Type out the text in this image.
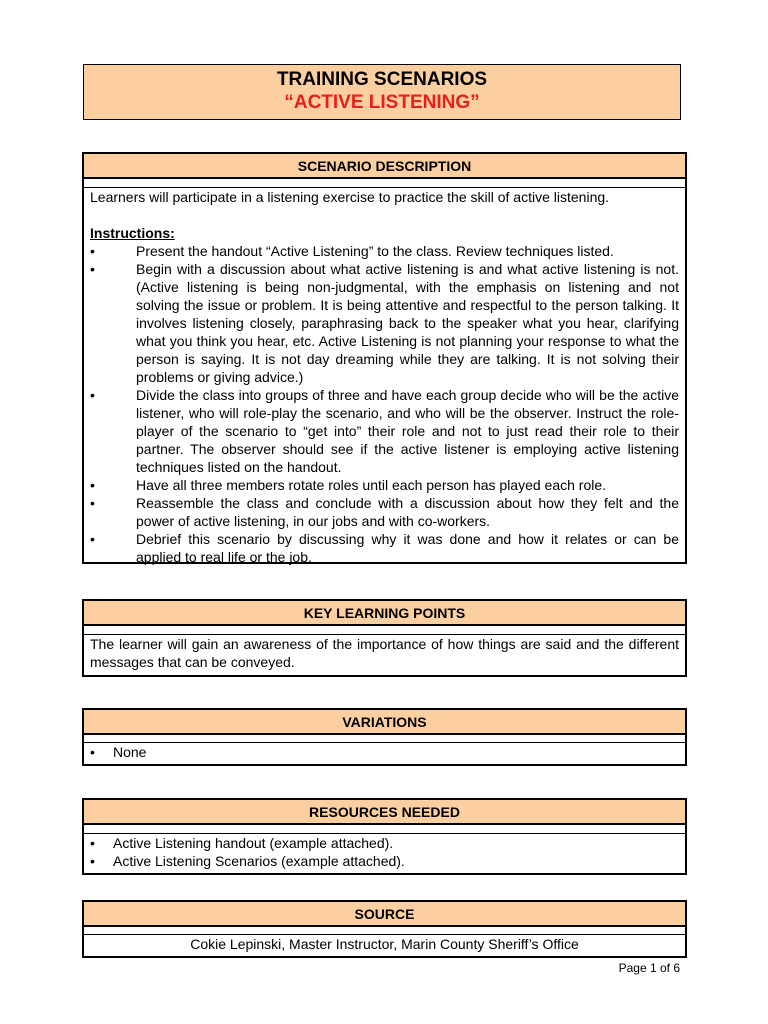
TRAINING SCENARIOS
“ACTIVE LISTENING”
SCENARIO DESCRIPTION
Learners will participate in a listening exercise to practice the skill of active listening.
Instructions:
•	Present the handout “Active Listening” to the class. Review techniques listed.
•	Begin with a discussion about what active listening is and what active listening is not. (Active listening is being non-judgmental, with the emphasis on listening and not solving the issue or problem. It is being attentive and respectful to the person talking. It involves listening closely, paraphrasing back to the speaker what you hear, clarifying what you think you hear, etc. Active Listening is not planning your response to what the person is saying. It is not day dreaming while they are talking. It is not solving their problems or giving advice.)
•	Divide the class into groups of three and have each group decide who will be the active listener, who will role-play the scenario, and who will be the observer. Instruct the role-player of the scenario to “get into” their role and not to just read their role to their partner. The observer should see if the active listener is employing active listening techniques listed on the handout.
•	Have all three members rotate roles until each person has played each role.
•	Reassemble the class and conclude with a discussion about how they felt and the power of active listening, in our jobs and with co-workers.
•	Debrief this scenario by discussing why it was done and how it relates or can be applied to real life or the job.
KEY LEARNING POINTS
The learner will gain an awareness of the importance of how things are said and the different messages that can be conveyed.
VARIATIONS
• None
RESOURCES NEEDED
• Active Listening handout (example attached).
• Active Listening Scenarios (example attached).
SOURCE
Cokie Lepinski, Master Instructor, Marin County Sheriff’s Office
Page 1 of 6
